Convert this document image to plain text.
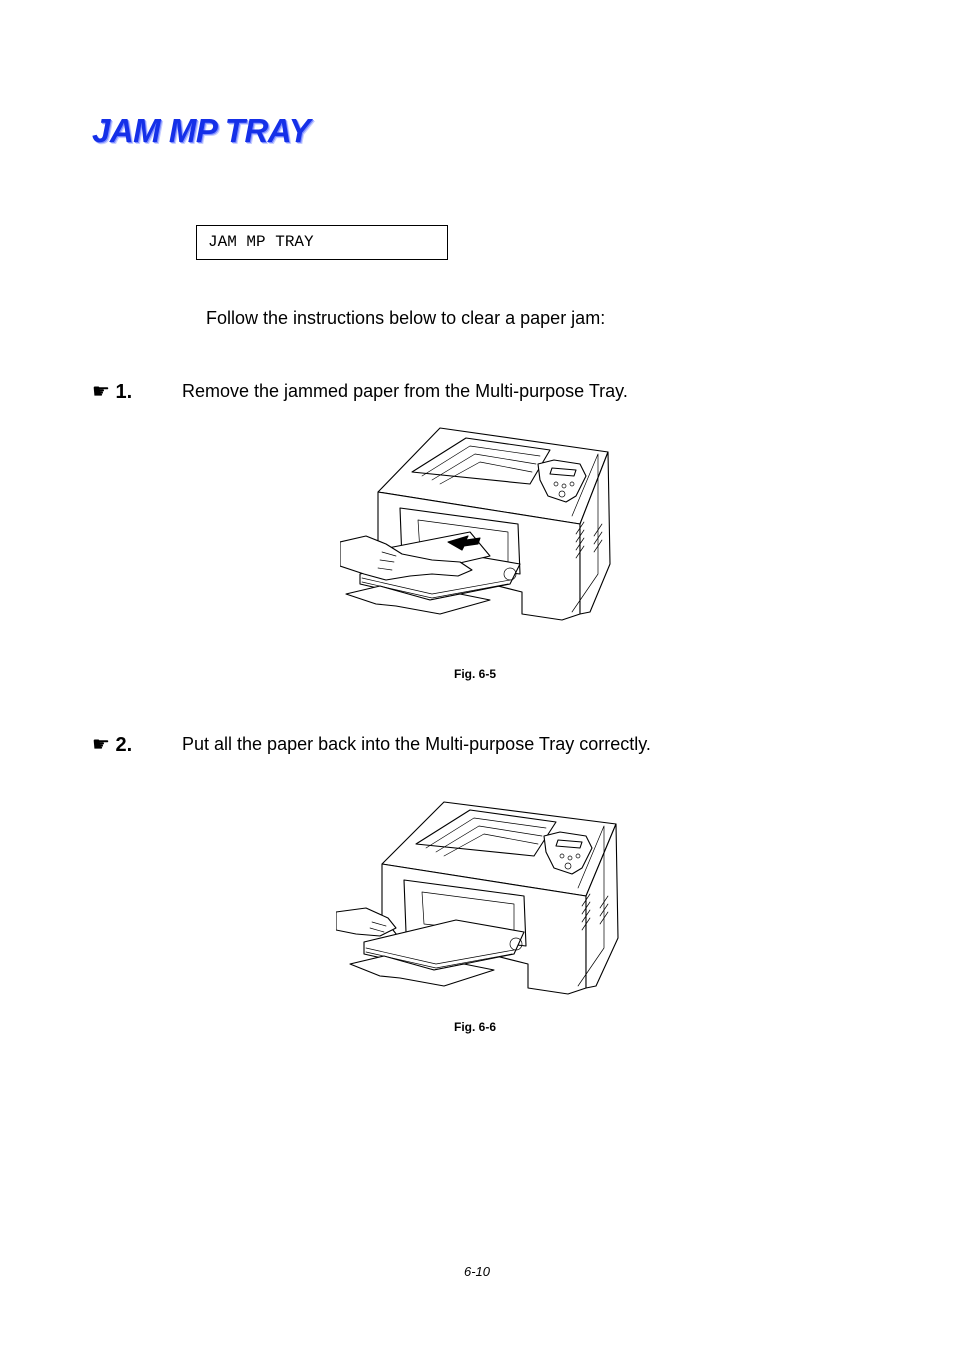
JAM MP TRAY
JAM MP TRAY
Follow the instructions below to clear a paper jam:
☛ 1.	Remove the jammed paper from the Multi-purpose Tray.
Fig. 6-5
☛ 2.	Put all the paper back into the Multi-purpose Tray correctly.
Fig. 6-6
6-10
